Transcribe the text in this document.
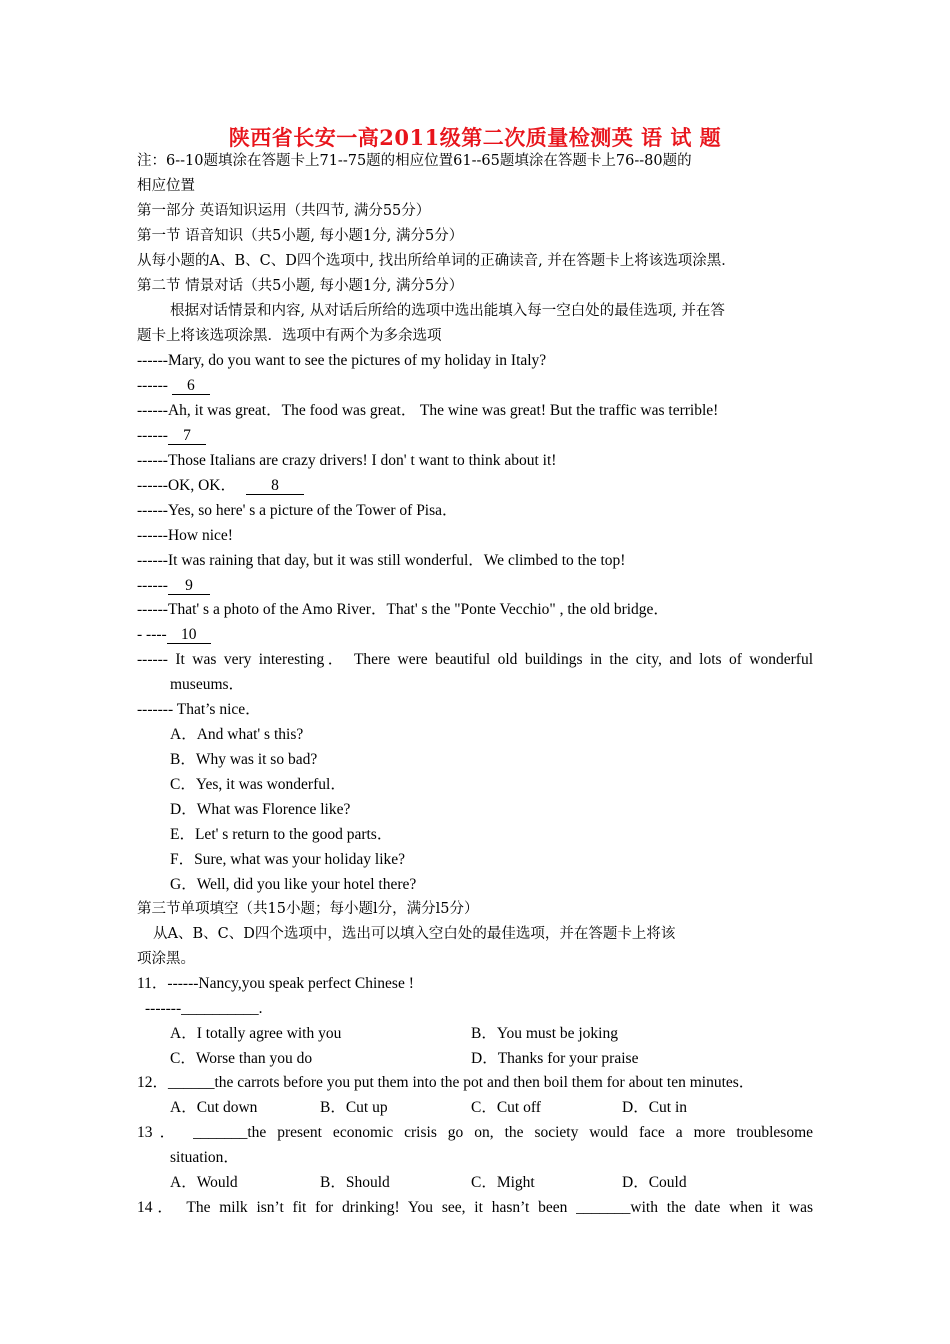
陕西省长安一高2011级第二次质量检测英 语 试 题
注：6--10题填涂在答题卡上71--75题的相应位置61--65题填涂在答题卡上76--80题的
相应位置
第一部分 英语知识运用（共四节, 满分55分）
第一节 语音知识（共5小题, 每小题1分, 满分5分）
从每小题的A、B、C、D四个选项中, 找出所给单词的正确读音, 并在答题卡上将该选项涂黑．
第二节 情景对话（共5小题, 每小题1分, 满分5分）
根据对话情景和内容, 从对话后所给的选项中选出能填入每一空白处的最佳选项, 并在答
题卡上将该选项涂黑．选项中有两个为多余选项
------Mary, do you want to see the pictures of my holiday in Italy?
------ 6
------Ah, it was great．The food was great． The wine was great! But the traffic was terrible!
------ 7
------Those Italians are crazy drivers! I don' t want to think about it!
------OK, OK． 8
------Yes, so here' s a picture of the Tower of Pisa．
------How nice!
------It was raining that day, but it was still wonderful．We climbed to the top!
------ 9
------That' s a photo of the Amo River．That' s the "Ponte Vecchio" , the old bridge．
- ---- 10
------ It was very interesting． There were beautiful old buildings in the city, and lots of wonderful
museums．
------- That’s nice．
A．And what' s this?
B．Why was it so bad?
C．Yes, it was wonderful．
D．What was Florence like?
E．Let' s return to the good parts．
F．Sure, what was your holiday like?
G．Well, did you like your hotel there?
第三节单项填空（共15小题；每小题l分，满分l5分）
从A、B、C、D四个选项中，选出可以填入空白处的最佳选项，并在答题卡上将该
项涂黑。
11．------Nancy,you speak perfect Chinese !
-------__________.
A．I totally agree with you	B．You must be joking
C．Worse than you do	D．Thanks for your praise
12．______the carrots before you put them into the pot and then boil them for about ten minutes．
A．Cut down	B．Cut up	C．Cut off	D．Cut in
13． _______the present economic crisis go on, the society would face a more troublesome
situation．
A．Would	B．Should	C．Might	D．Could
14． The milk isn’t fit for drinking! You see, it hasn’t been _______with the date when it was
